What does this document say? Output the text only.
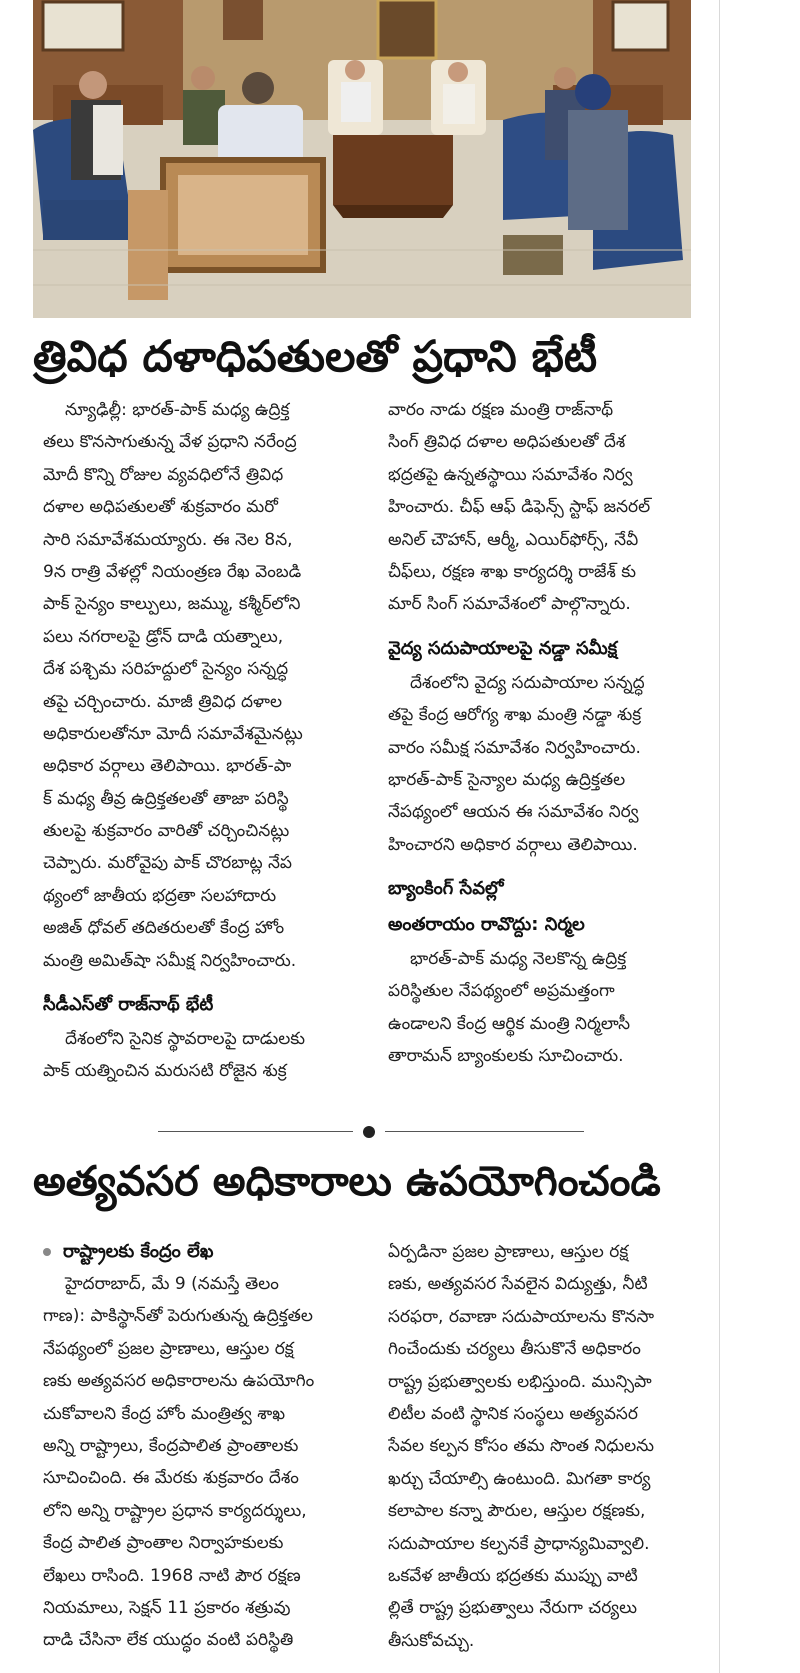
త్రివిధ దళాధిపతులతో ప్రధాని భేటీ
న్యూఢిల్లీ: భారత్‌-పాక్‌ మధ్య ఉద్రిక్త
తలు కొనసాగుతున్న వేళ ప్రధాని నరేంద్ర
మోదీ కొన్ని రోజుల వ్యవధిలోనే త్రివిధ
దళాల అధిపతులతో శుక్రవారం మరో
సారి సమావేశమయ్యారు. ఈ నెల 8న,
9న రాత్రి వేళల్లో నియంత్రణ రేఖ వెంబడి
పాక్‌ సైన్యం కాల్పులు, జమ్ము, కశ్మీర్‌లోని
పలు నగరాలపై డ్రోన్‌ దాడి యత్నాలు,
దేశ పశ్చిమ సరిహద్దులో సైన్యం సన్నద్ధ
తపై చర్చించారు. మాజీ త్రివిధ దళాల
అధికారులతోనూ మోదీ సమావేశమైనట్లు
అధికార వర్గాలు తెలిపాయి. భారత్‌-పా
క్‌ మధ్య తీవ్ర ఉద్రిక్తతలతో తాజా పరిస్థి
తులపై శుక్రవారం వారితో చర్చించినట్లు
చెప్పారు. మరోవైపు పాక్‌ చొరబాట్ల నేప
థ్యంలో జాతీయ భద్రతా సలహాదారు
అజిత్‌ ధోవల్‌ తదితరులతో కేంద్ర హోం
మంత్రి అమిత్‌షా సమీక్ష నిర్వహించారు.
సీడీఎస్‌తో రాజ్‌నాథ్‌ భేటీ
దేశంలోని సైనిక స్థావరాలపై దాడులకు
పాక్‌ యత్నించిన మరుసటి రోజైన శుక్ర
వారం నాడు రక్షణ మంత్రి రాజ్‌నాథ్‌
సింగ్‌ త్రివిధ దళాల అధిపతులతో దేశ
భద్రతపై ఉన్నతస్థాయి సమావేశం నిర్వ
హించారు. చీఫ్‌ ఆఫ్‌ డిఫెన్స్‌ స్టాఫ్‌ జనరల్‌
అనిల్‌ చౌహాన్‌, ఆర్మీ, ఎయిర్‌ఫోర్స్‌, నేవీ
చీఫ్‌లు, రక్షణ శాఖ కార్యదర్శి రాజేశ్‌ కు
మార్‌ సింగ్‌ సమావేశంలో పాల్గొన్నారు.
వైద్య సదుపాయాలపై నడ్డా సమీక్ష
దేశంలోని వైద్య సదుపాయాల సన్నద్ధ
తపై కేంద్ర ఆరోగ్య శాఖ మంత్రి నడ్డా శుక్ర
వారం సమీక్ష సమావేశం నిర్వహించారు.
భారత్‌-పాక్‌ సైన్యాల మధ్య ఉద్రిక్తతల
నేపథ్యంలో ఆయన ఈ సమావేశం నిర్వ
హించారని అధికార వర్గాలు తెలిపాయి.
బ్యాంకింగ్‌ సేవల్లో
అంతరాయం రావొద్దు: నిర్మల
భారత్‌-పాక్‌ మధ్య నెలకొన్న ఉద్రిక్త
పరిస్థితుల నేపథ్యంలో అప్రమత్తంగా
ఉండాలని కేంద్ర ఆర్థిక మంత్రి నిర్మలాసీ
తారామన్‌ బ్యాంకులకు సూచించారు.
అత్యవసర అధికారాలు ఉపయోగించండి
రాష్ట్రాలకు కేంద్రం లేఖ
హైదరాబాద్‌, మే 9 (నమస్తే తెలం
గాణ): పాకిస్థాన్‌తో పెరుగుతున్న ఉద్రిక్తతల
నేపథ్యంలో ప్రజల ప్రాణాలు, ఆస్తుల రక్ష
ణకు అత్యవసర అధికారాలను ఉపయోగిం
చుకోవాలని కేంద్ర హోం మంత్రిత్వ శాఖ
అన్ని రాష్ట్రాలు, కేంద్రపాలిత ప్రాంతాలకు
సూచించింది. ఈ మేరకు శుక్రవారం దేశం
లోని అన్ని రాష్ట్రాల ప్రధాన కార్యదర్శులు,
కేంద్ర పాలిత ప్రాంతాల నిర్వాహకులకు
లేఖలు రాసింది. 1968 నాటి పౌర రక్షణ
నియమాలు, సెక్షన్‌ 11 ప్రకారం శత్రువు
దాడి చేసినా లేక యుద్ధం వంటి పరిస్థితి
ఏర్పడినా ప్రజల ప్రాణాలు, ఆస్తుల రక్ష
ణకు, అత్యవసర సేవలైన విద్యుత్తు, నీటి
సరఫరా, రవాణా సదుపాయాలను కొనసా
గించేందుకు చర్యలు తీసుకొనే అధికారం
రాష్ట్ర ప్రభుత్వాలకు లభిస్తుంది. మున్సిపా
లిటీల వంటి స్థానిక సంస్థలు అత్యవసర
సేవల కల్పన కోసం తమ సొంత నిధులను
ఖర్చు చేయాల్సి ఉంటుంది. మిగతా కార్య
కలాపాల కన్నా పౌరుల, ఆస్తుల రక్షణకు,
సదుపాయాల కల్పనకే ప్రాధాన్యమివ్వాలి.
ఒకవేళ జాతీయ భద్రతకు ముప్పు వాటి
ల్లితే రాష్ట్ర ప్రభుత్వాలు నేరుగా చర్యలు
తీసుకోవచ్చు.
